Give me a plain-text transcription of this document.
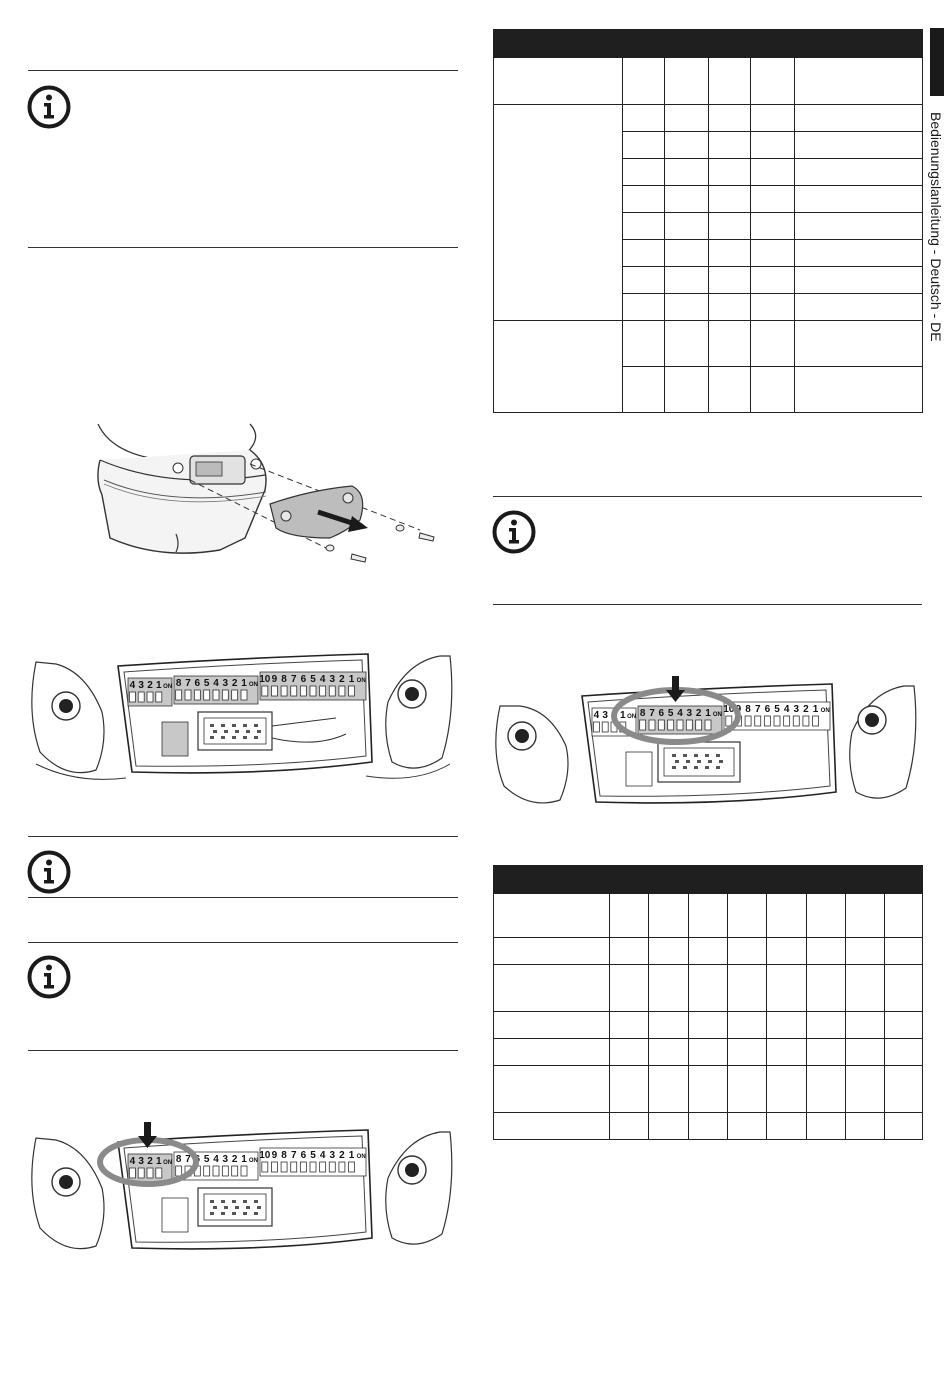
Bedienungslanleitung - Deutsch - DE
4 3 2 1 ON 8 7 6 5 4 3 2 1 ON 10 9 8 7 6 5 4 3 2 1 ON
4 3 2 1 ON 8 7 6 5 4 3 2 1 ON 10 9 8 7 6 5 4 3 2 1 ON

4 3 2 1 ON 8 7 6 5 4 3 2 1 ON 10 9 8 7 6 5 4 3 2 1 ON
